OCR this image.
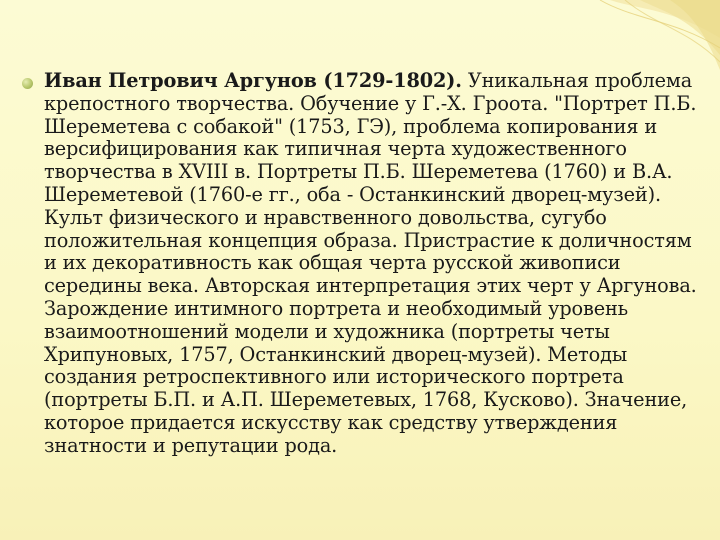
Иван Петрович Аргунов (1729-1802). Уникальная проблема крепостного творчества. Обучение у Г.-Х. Гроота. "Портрет П.Б. Шереметева с собакой" (1753, ГЭ), проблема копирования и версифицирования как типичная черта художественного творчества в XVIII в. Портреты П.Б. Шереметева (1760) и В.А. Шереметевой (1760-е гг., оба - Останкинский дворец-музей). Культ физического и нравственного довольства, сугубо положительная концепция образа. Пристрастие к доличностям и их декоративность как общая черта русской живописи середины века. Авторская интерпретация этих черт у Аргунова. Зарождение интимного портрета и необходимый уровень взаимоотношений модели и художника (портреты четы Хрипуновых, 1757, Останкинский дворец-музей). Методы создания ретроспективного или исторического портрета (портреты Б.П. и А.П. Шереметевых, 1768, Кусково). Значение, которое придается искусству как средству утверждения знатности и репутации рода.
